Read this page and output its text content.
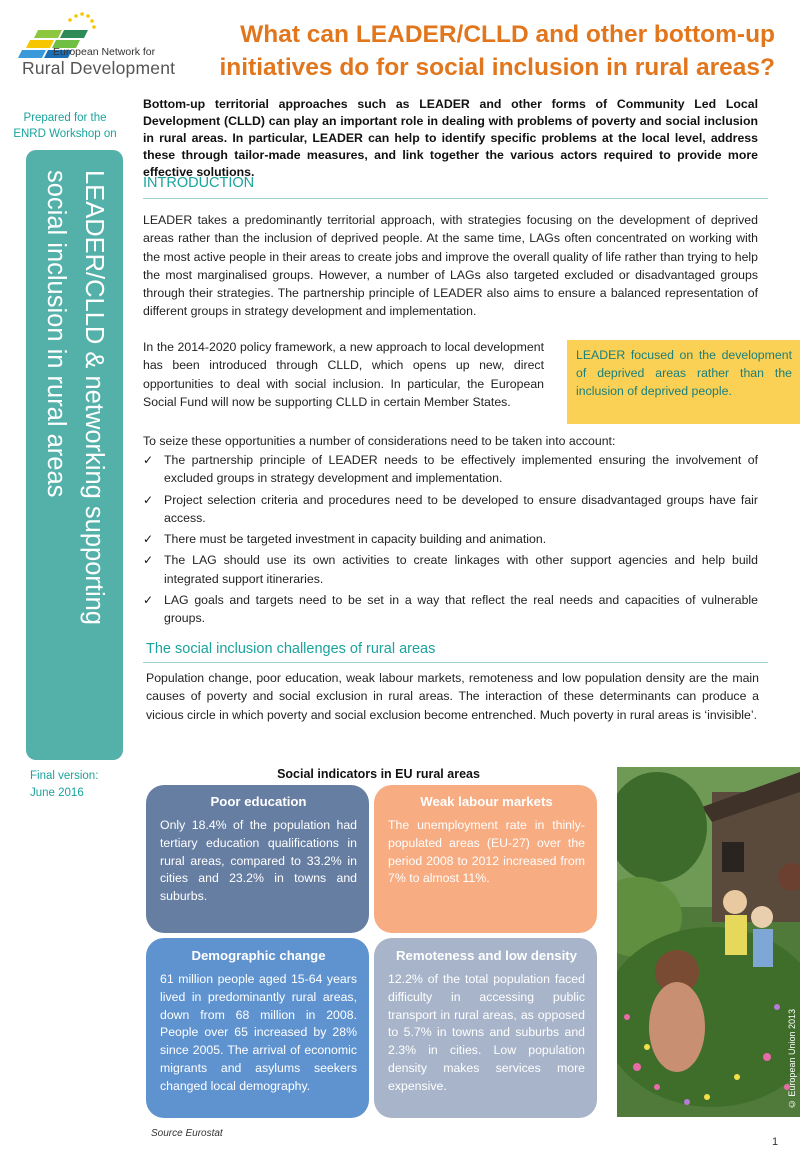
European Network for
Rural Development
What can LEADER/CLLD and other bottom-up
initiatives do for social inclusion in rural areas?
Prepared for the ENRD Workshop on
LEADER/CLLD & networking supporting
social inclusion in rural areas
Final version:
June 2016
Bottom-up territorial approaches such as LEADER and other forms of Community Led Local Development (CLLD) can play an important role in dealing with problems of poverty and social inclusion in rural areas. In particular, LEADER can help to identify specific problems at the local level, address these through tailor-made measures, and link together the various actors required to provide more effective solutions.
INTRODUCTION
LEADER takes a predominantly territorial approach, with strategies focusing on the development of deprived areas rather than the inclusion of deprived people. At the same time, LAGs often concentrated on working with the most active people in their areas to create jobs and improve the overall quality of life rather than trying to help the most marginalised groups. However, a number of LAGs also targeted excluded or disadvantaged groups through their strategies. The partnership principle of LEADER also aims to ensure a balanced representation of different groups in strategy development and implementation.
In the 2014-2020 policy framework, a new approach to local development has been introduced through CLLD, which opens up new, direct opportunities to deal with social inclusion. In particular, the European Social Fund will now be supporting CLLD in certain Member States.
LEADER focused on the development of deprived areas rather than the inclusion of deprived people.
To seize these opportunities a number of considerations need to be taken into account:
✓ The partnership principle of LEADER needs to be effectively implemented ensuring the involvement of excluded groups in strategy development and implementation.
✓ Project selection criteria and procedures need to be developed to ensure disadvantaged groups have fair access.
✓ There must be targeted investment in capacity building and animation.
✓ The LAG should use its own activities to create linkages with other support agencies and help build integrated support itineraries.
✓ LAG goals and targets need to be set in a way that reflect the real needs and capacities of vulnerable groups.
The social inclusion challenges of rural areas
Population change, poor education, weak labour markets, remoteness and low population density are the main causes of poverty and social exclusion in rural areas. The interaction of these determinants can produce a vicious circle in which poverty and social exclusion become entrenched. Much poverty in rural areas is ‘invisible’.
Social indicators in EU rural areas
Poor education
Only 18.4% of the population had tertiary education qualifications in rural areas, compared to 33.2% in cities and 23.2% in towns and suburbs.
Weak labour markets
The unemployment rate in thinly-populated areas (EU-27) over the period 2008 to 2012 increased from 7% to almost 11%.
Demographic change
61 million people aged 15-64 years lived in predominantly rural areas, down from 68 million in 2008. People over 65 increased by 28% since 2005. The arrival of economic migrants and asylums seekers changed local demography.
Remoteness and low density
12.2% of the total population faced difficulty in accessing public transport in rural areas, as opposed to 5.7% in towns and suburbs and 2.3% in cities. Low population density makes services more expensive.	© European Union 2013
Source Eurostat
1
